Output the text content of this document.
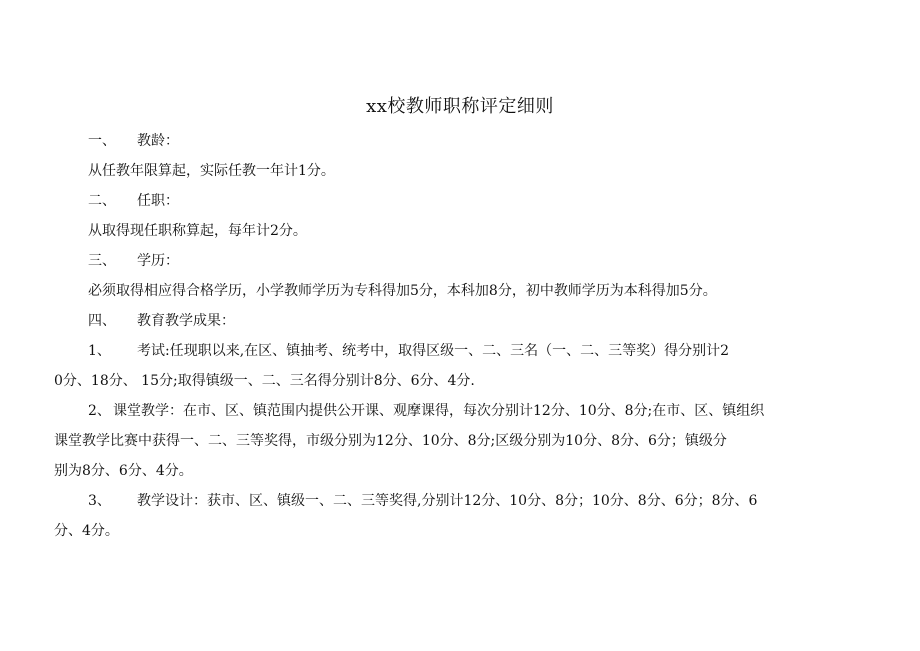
xx校教师职称评定细则
一、 教龄：
从任教年限算起，实际任教一年计1分。
二、 任职：
从取得现任职称算起，每年计2分。
三、 学历：
必须取得相应得合格学历，小学教师学历为专科得加5分，本科加8分，初中教师学历为本科得加5分。
四、 教育教学成果：
1、 考试:任现职以来,在区、镇抽考、统考中，取得区级一、二、三名（一、二、三等奖）得分别计2
0分、18分、 15分;取得镇级一、二、三名得分别计8分、6分、4分.
2、 课堂教学：在市、区、镇范围内提供公开课、观摩课得，每次分别计12分、10分、8分;在市、区、镇组织
课堂教学比赛中获得一、二、三等奖得，市级分别为12分、10分、8分;区级分别为10分、8分、6分；镇级分
别为8分、6分、4分。
3、 教学设计：获市、区、镇级一、二、三等奖得,分别计12分、10分、8分；10分、8分、6分；8分、6
分、4分。
